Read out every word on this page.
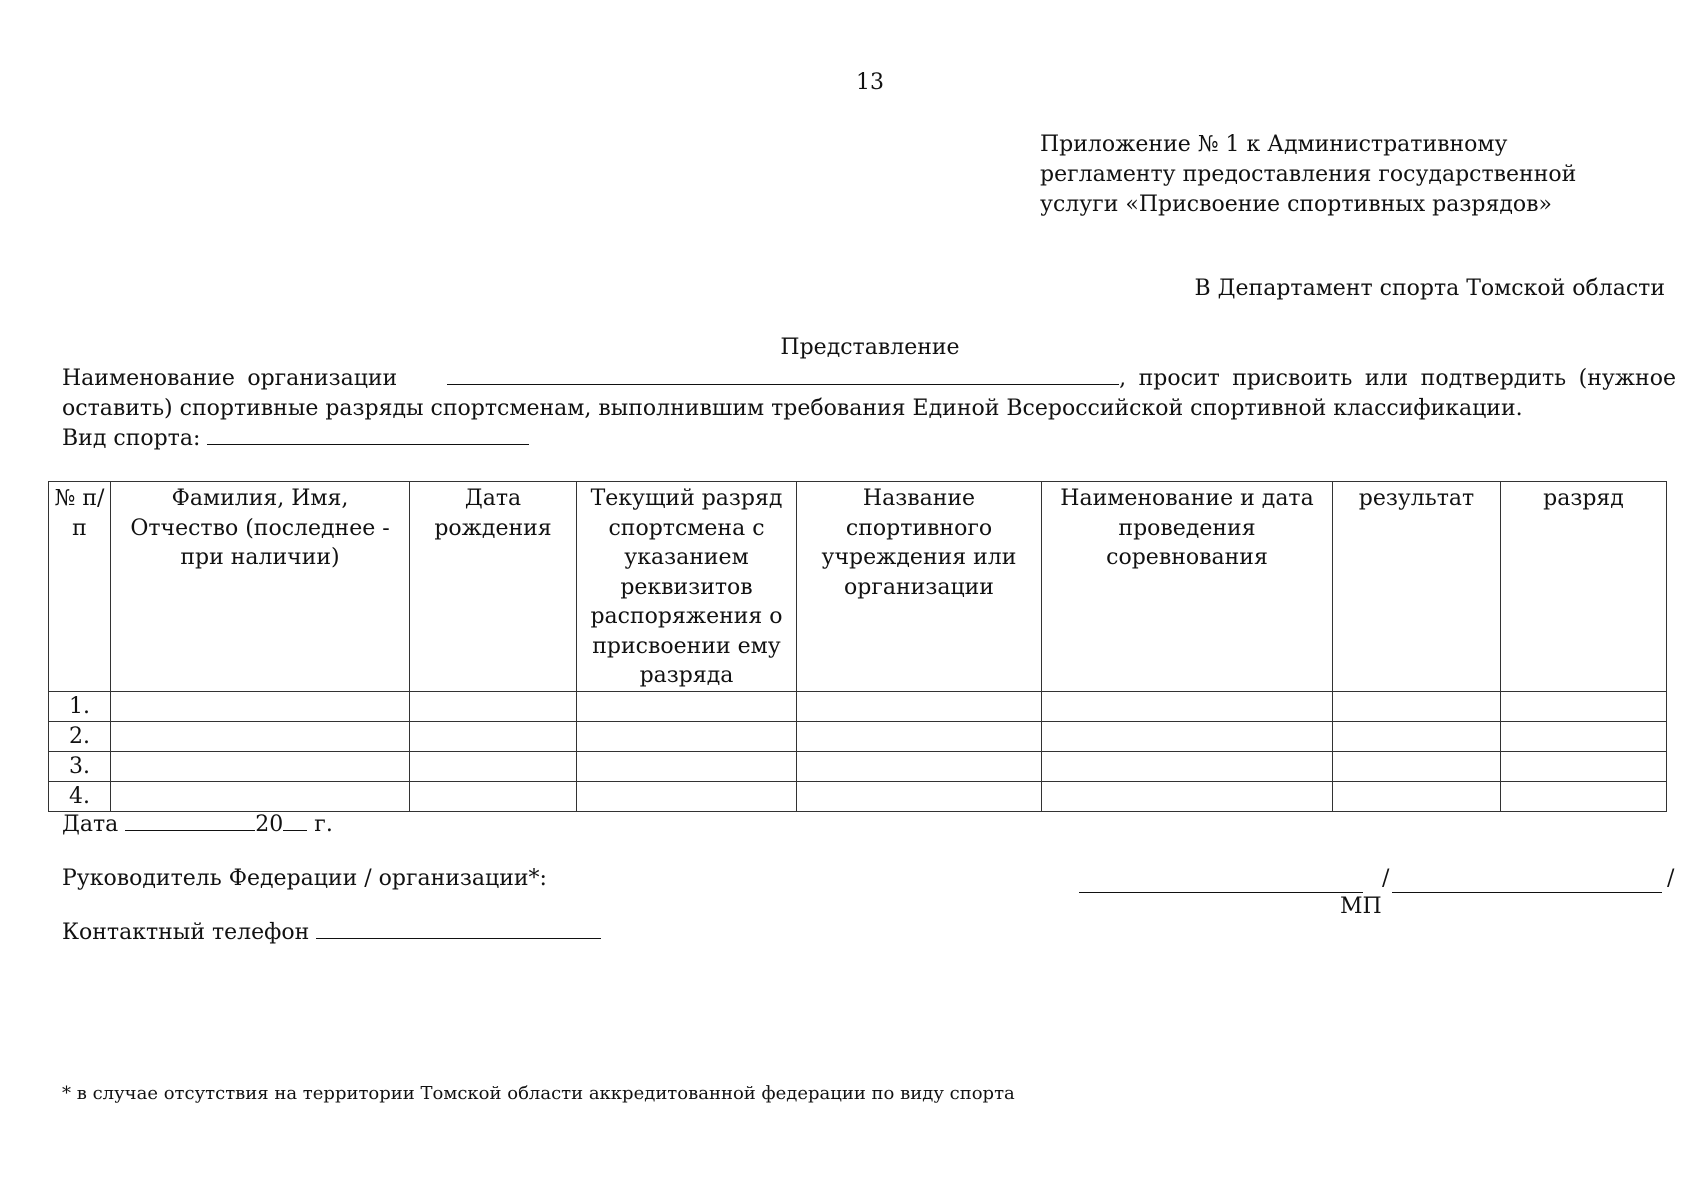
13
Приложение № 1 к Административному
регламенту предоставления государственной
услуги «Присвоение спортивных разрядов»
В Департамент спорта Томской области
Представление

Наименование организации	, просит присвоить или подтвердить (нужное оставить) спортивные разряды спортсменам, выполнившим требования Единой Всероссийской спортивной классификации.

Вид спорта:
№ п/п	Фамилия, Имя, Отчество (последнее - при наличии)	Дата рождения	Текущий разряд спортсмена с указанием реквизитов распоряжения о присвоении ему разряда	Название спортивного учреждения или организации	Наименование и дата проведения соревнования	результат	разряд
1.							
2.							
3.							
4.							
Дата	20 г.
Руководитель Федерации / организации*:	/	/
МП
Контактный телефон
* в случае отсутствия на территории Томской области аккредитованной федерации по виду спорта
